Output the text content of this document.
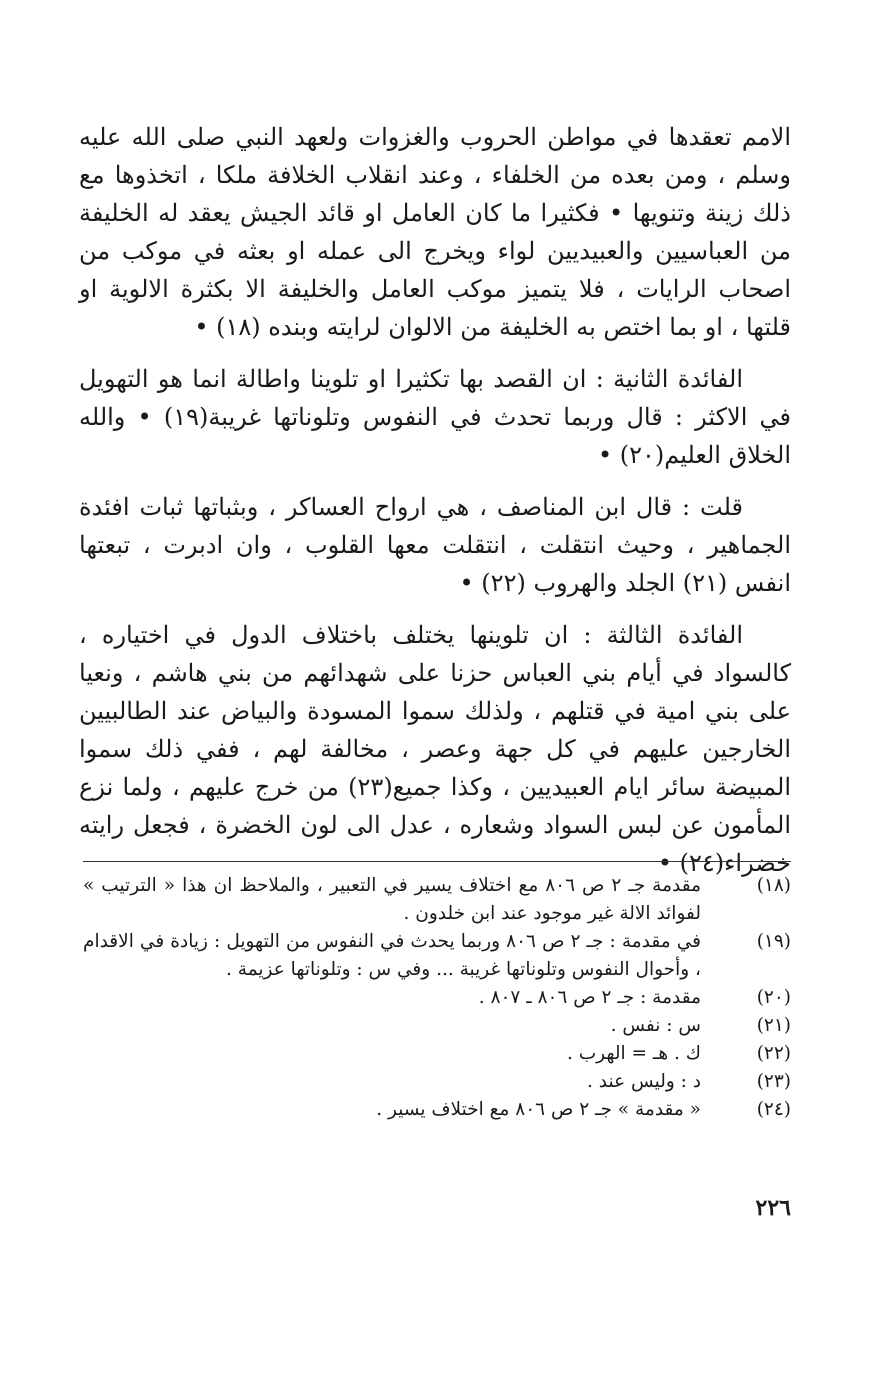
الامم تعقدها في مواطن الحروب والغزوات ولعهد النبي صلى الله عليه وسلم ، ومن بعده من الخلفاء ، وعند انقلاب الخلافة ملكا ، اتخذوها مع ذلك زينة وتنويها • فكثيرا ما كان العامل او قائد الجيش يعقد له الخليفة من العباسيين والعبيديين لواء ويخرج الى عمله او بعثه في موكب من اصحاب الرايات ، فلا يتميز موكب العامل والخليفة الا بكثرة الالوية او قلتها ، او بما اختص به الخليفة من الالوان لرايته وبنده (١٨) •

الفائدة الثانية : ان القصد بها تكثيرا او تلوينا واطالة انما هو التهويل في الاكثر : قال وربما تحدث في النفوس وتلوناتها غريبة(١٩) • والله الخلاق العليم(٢٠) •

قلت : قال ابن المناصف ، هي ارواح العساكر ، وبثباتها ثبات افئدة الجماهير ، وحيث انتقلت ، انتقلت معها القلوب ، وان ادبرت ، تبعتها انفس (٢١) الجلد والهروب (٢٢) •

الفائدة الثالثة : ان تلوينها يختلف باختلاف الدول في اختياره ، كالسواد في أيام بني العباس حزنا على شهدائهم من بني هاشم ، ونعيا على بني امية في قتلهم ، ولذلك سموا المسودة والبياض عند الطالبيين الخارجين عليهم في كل جهة وعصر ، مخالفة لهم ، ففي ذلك سموا المبيضة سائر ايام العبيديين ، وكذا جميع(٢٣) من خرج عليهم ، ولما نزع المأمون عن لبس السواد وشعاره ، عدل الى لون الخضرة ، فجعل رايته خضراء(٢٤) •

(١٨)
مقدمة جـ ٢ ص ٨٠٦ مع اختلاف يسير في التعبير ، والملاحظ ان هذا « الترتيب » لفوائد الالة غير موجود عند ابن خلدون .
(١٩)
في مقدمة : جـ ٢ ص ٨٠٦ وربما يحدث في النفوس من التهويل : زيادة في الاقدام ، وأحوال النفوس وتلوناتها غريبة ... وفي س : وتلوناتها عزيمة .
(٢٠)
مقدمة : جـ ٢ ص ٨٠٦ ـ ٨٠٧ .
(٢١)
س : نفس .
(٢٢)
ك . هـ = الهرب .
(٢٣)
د : وليس عند .
(٢٤)
« مقدمة » جـ ٢ ص ٨٠٦ مع اختلاف يسير .
٢٢٦
